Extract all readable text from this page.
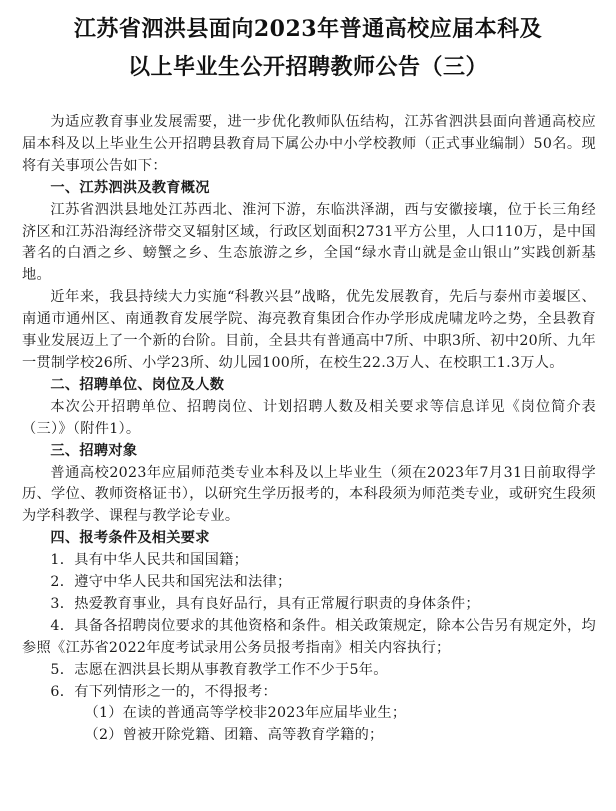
江苏省泗洪县面向2023年普通高校应届本科及
以上毕业生公开招聘教师公告（三）

为适应教育事业发展需要，进一步优化教师队伍结构，江苏省泗洪县面向普通高校应届本科及以上毕业生公开招聘县教育局下属公办中小学校教师（正式事业编制）50名。现将有关事项公告如下：

一、江苏泗洪及教育概况

江苏省泗洪县地处江苏西北、淮河下游，东临洪泽湖，西与安徽接壤，位于长三角经济区和江苏沿海经济带交叉辐射区域，行政区划面积2731平方公里，人口110万，是中国著名的白酒之乡、螃蟹之乡、生态旅游之乡，全国“绿水青山就是金山银山”实践创新基地。

近年来，我县持续大力实施“科教兴县”战略，优先发展教育，先后与泰州市姜堰区、南通市通州区、南通教育发展学院、海亮教育集团合作办学形成虎啸龙吟之势，全县教育事业发展迈上了一个新的台阶。目前，全县共有普通高中7所、中职3所、初中20所、九年一贯制学校26所、小学23所、幼儿园100所，在校生22.3万人、在校职工1.3万人。

二、招聘单位、岗位及人数

本次公开招聘单位、招聘岗位、计划招聘人数及相关要求等信息详见《岗位简介表（三）》（附件1）。

三、招聘对象

普通高校2023年应届师范类专业本科及以上毕业生（须在2023年7月31日前取得学历、学位、教师资格证书），以研究生学历报考的，本科段须为师范类专业，或研究生段须为学科教学、课程与教学论专业。

四、报考条件及相关要求

1．具有中华人民共和国国籍；

2．遵守中华人民共和国宪法和法律；

3．热爱教育事业，具有良好品行，具有正常履行职责的身体条件；

4．具备各招聘岗位要求的其他资格和条件。相关政策规定，除本公告另有规定外，均参照《江苏省2022年度考试录用公务员报考指南》相关内容执行；

5．志愿在泗洪县长期从事教育教学工作不少于5年。

6．有下列情形之一的，不得报考：

（1）在读的普通高等学校非2023年应届毕业生；

（2）曾被开除党籍、团籍、高等教育学籍的；
